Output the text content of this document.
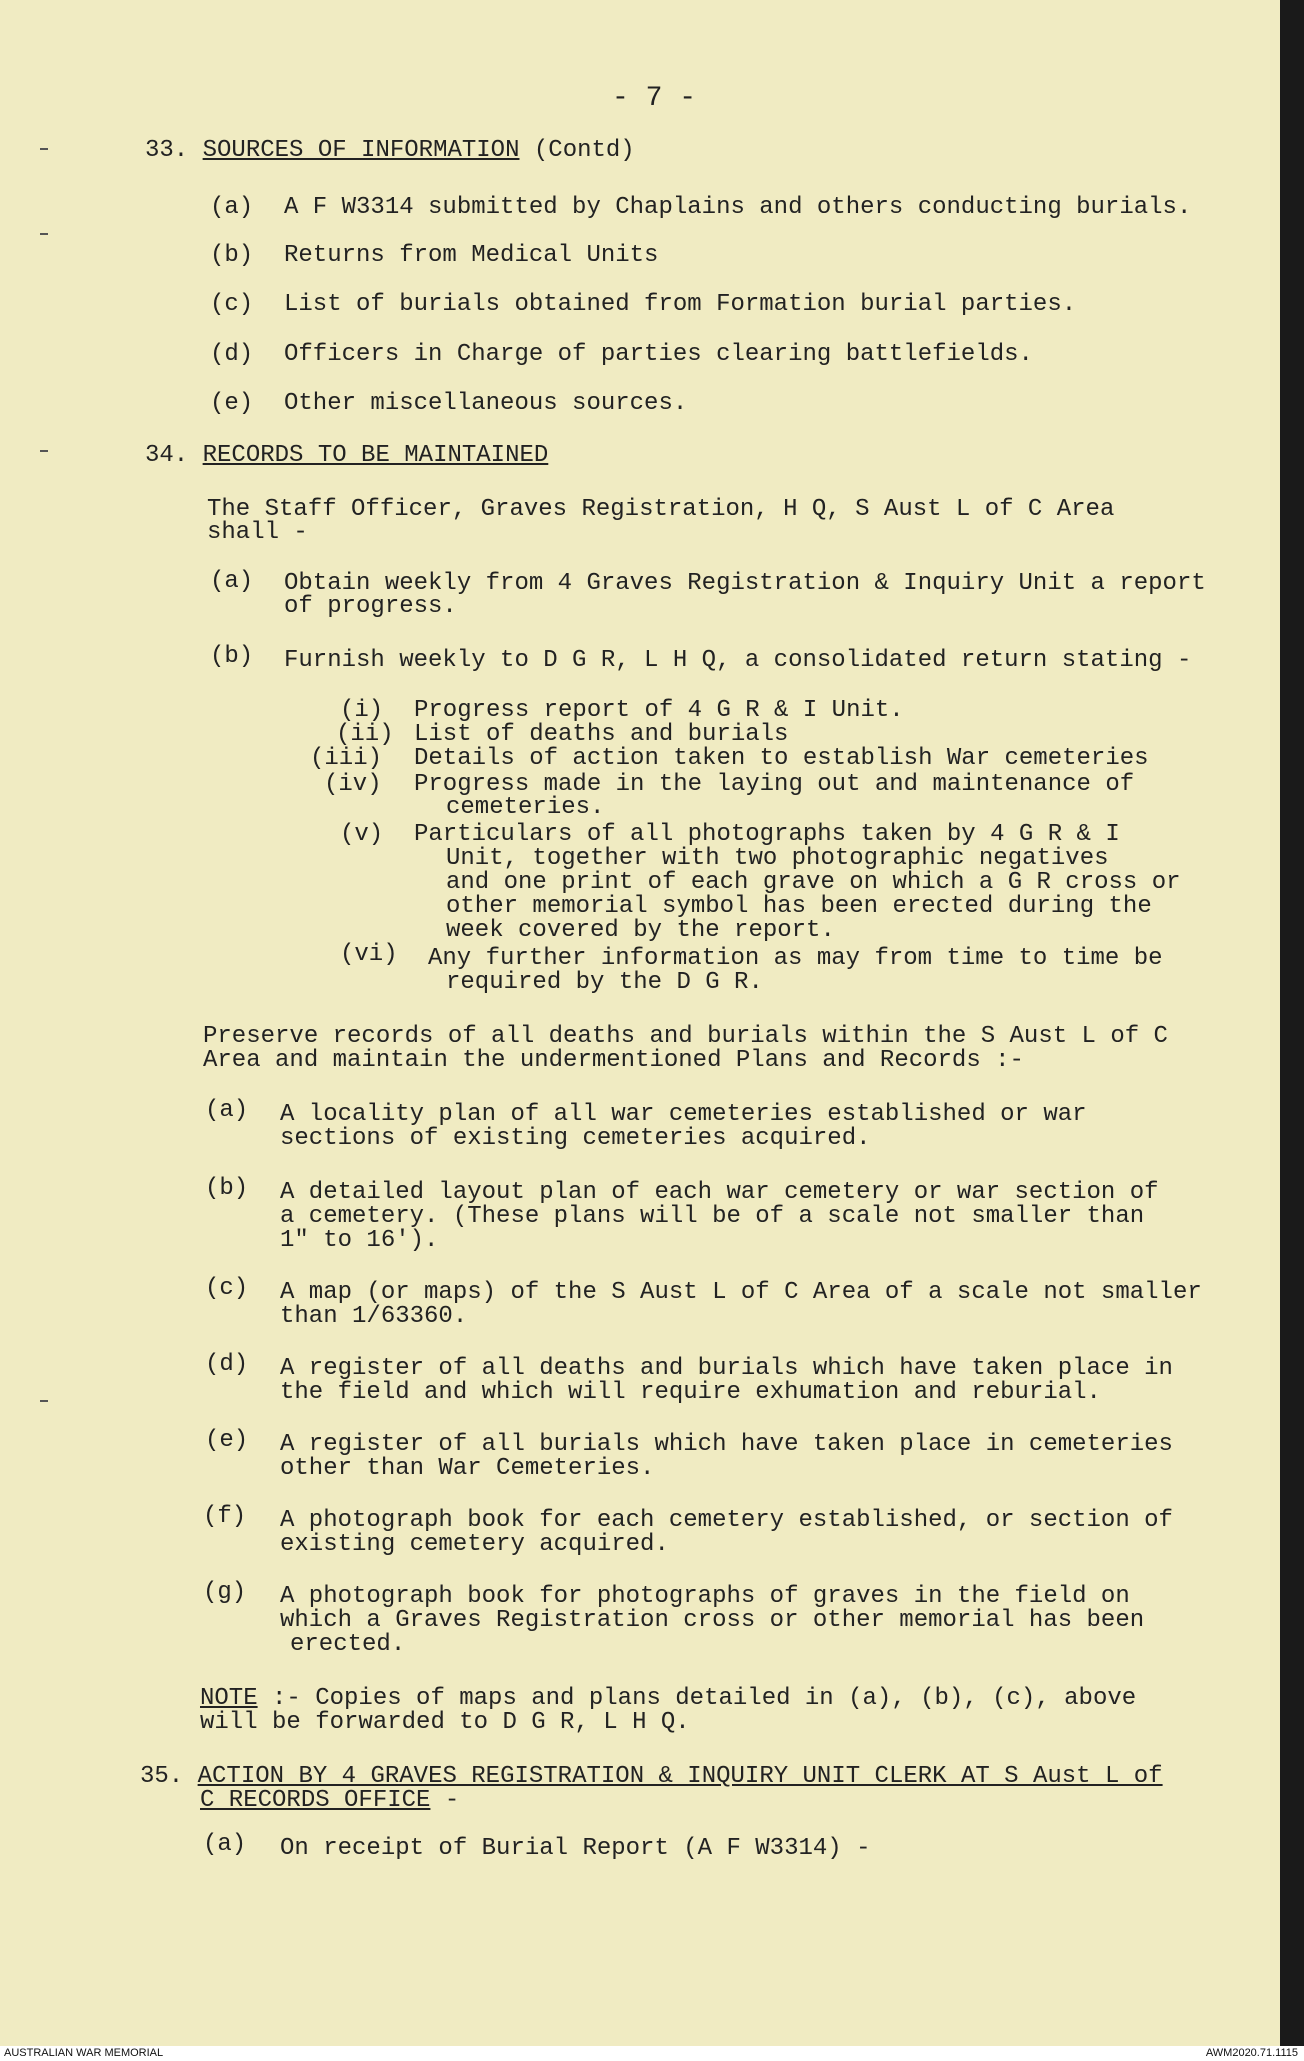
- 7 -
33. SOURCES OF INFORMATION (Contd)
(a) A F W3314 submitted by Chaplains and others conducting burials.
(b) Returns from Medical Units
(c) List of burials obtained from Formation burial parties.
(d) Officers in Charge of parties clearing battlefields.
(e) Other miscellaneous sources.
34. RECORDS TO BE MAINTAINED
The Staff Officer, Graves Registration, H Q, S Aust L of C Area
shall -
(a) Obtain weekly from 4 Graves Registration & Inquiry Unit a report
of progress.
(b) Furnish weekly to D G R, L H Q, a consolidated return stating -
(i) Progress report of 4 G R & I Unit.
(ii) List of deaths and burials
(iii) Details of action taken to establish War cemeteries
(iv) Progress made in the laying out and maintenance of
cemeteries.
(v) Particulars of all photographs taken by 4 G R & I
Unit, together with two photographic negatives
and one print of each grave on which a G R cross or
other memorial symbol has been erected during the
week covered by the report.
(vi) Any further information as may from time to time be
required by the D G R.
Preserve records of all deaths and burials within the S Aust L of C
Area and maintain the undermentioned Plans and Records :-
(a) A locality plan of all war cemeteries established or war
sections of existing cemeteries acquired.
(b) A detailed layout plan of each war cemetery or war section of
a cemetery. (These plans will be of a scale not smaller than
1" to 16').
(c) A map (or maps) of the S Aust L of C Area of a scale not smaller
than 1/63360.
(d) A register of all deaths and burials which have taken place in
the field and which will require exhumation and reburial.
(e) A register of all burials which have taken place in cemeteries
other than War Cemeteries.
(f) A photograph book for each cemetery established, or section of
existing cemetery acquired.
(g) A photograph book for photographs of graves in the field on
which a Graves Registration cross or other memorial has been
erected.
NOTE :- Copies of maps and plans detailed in (a), (b), (c), above
will be forwarded to D G R, L H Q.
35. ACTION BY 4 GRAVES REGISTRATION & INQUIRY UNIT CLERK AT S Aust L of
C RECORDS OFFICE -
(a) On receipt of Burial Report (A F W3314) -
AUSTRALIAN WAR MEMORIAL	AWM2020.71.1115
